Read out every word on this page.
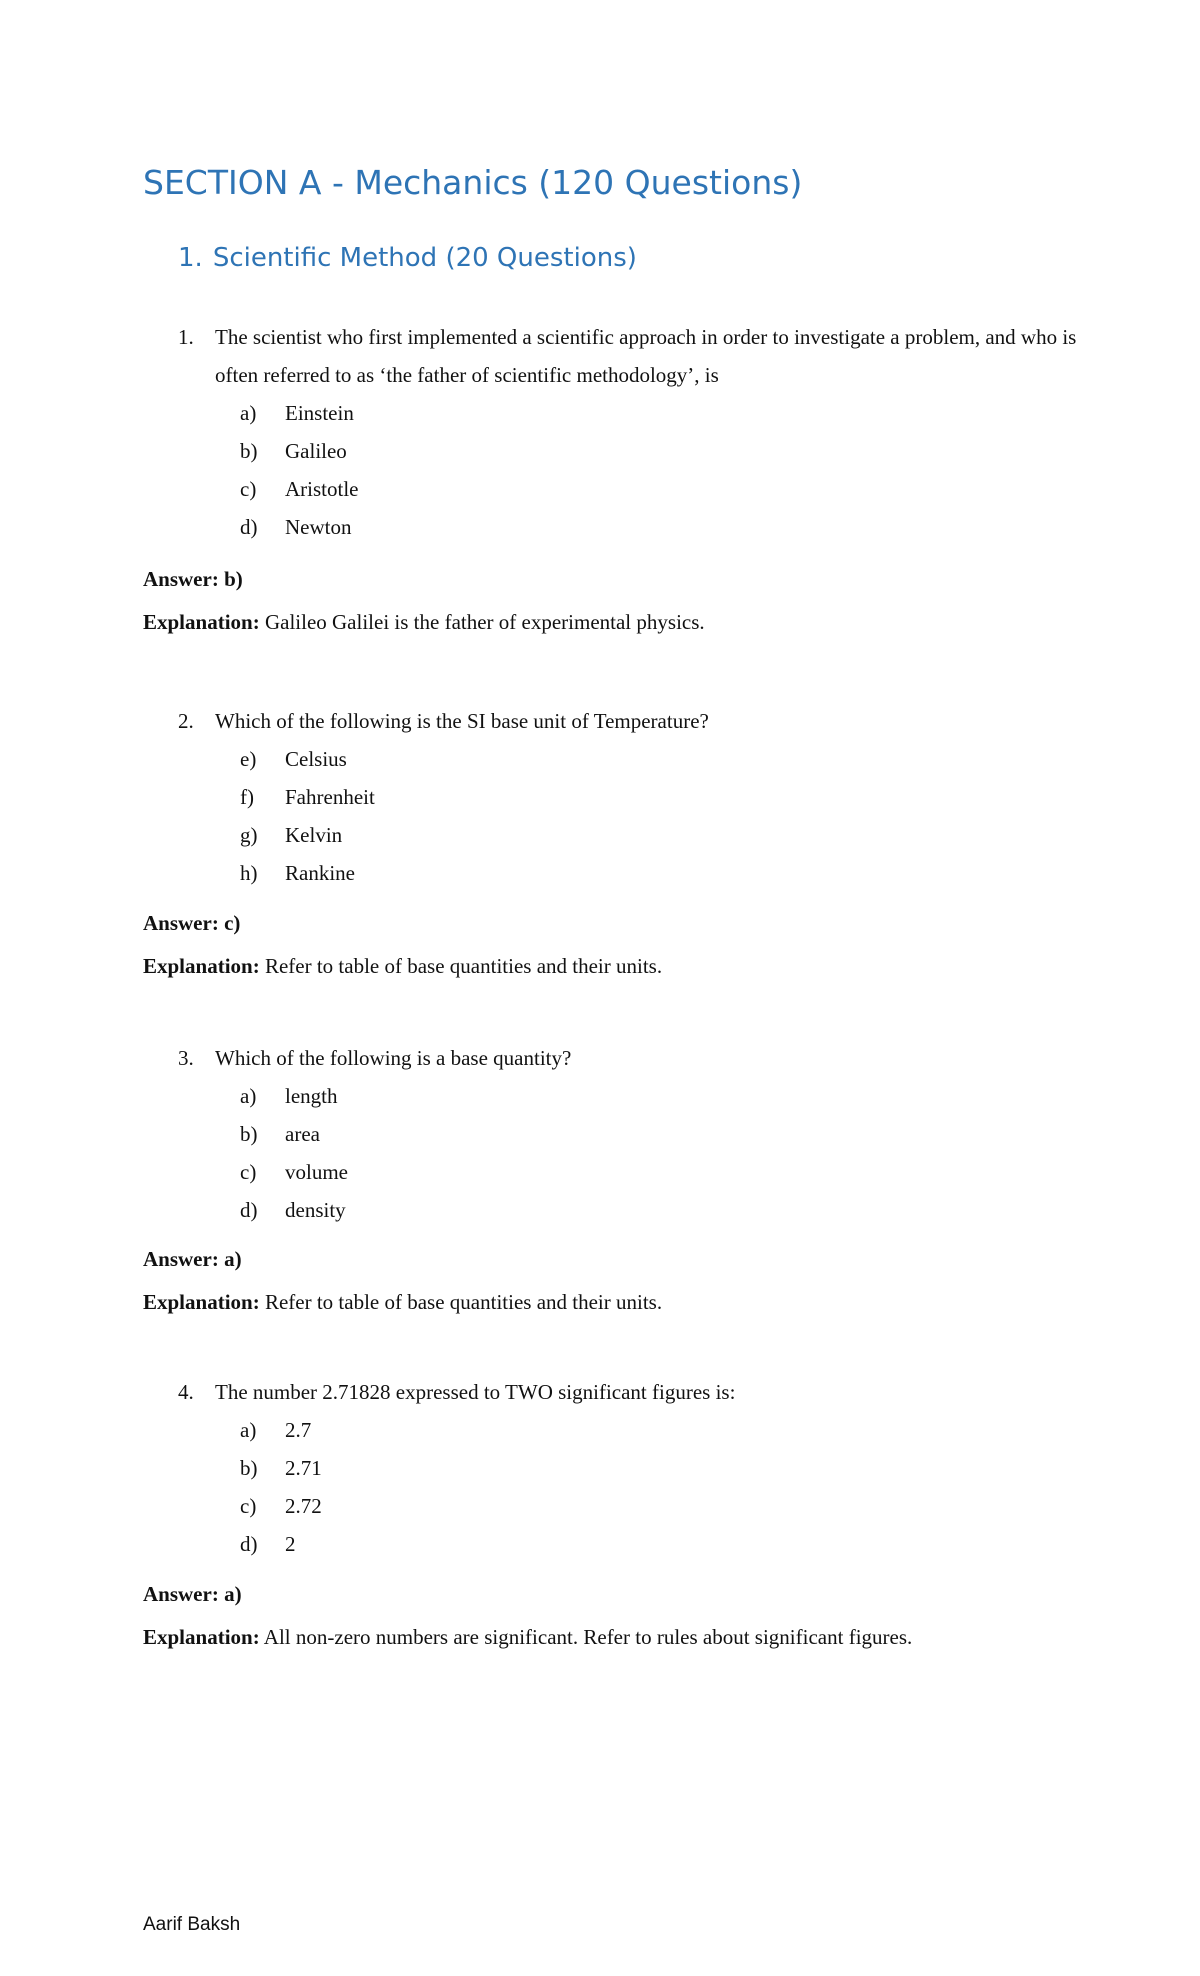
SECTION A - Mechanics (120 Questions)
1. Scientific Method (20 Questions)
1. The scientist who first implemented a scientific approach in order to investigate a problem, and who is often referred to as ‘the father of scientific methodology’, is
a) Einstein
b) Galileo
c) Aristotle
d) Newton
Answer: b)
Explanation: Galileo Galilei is the father of experimental physics.
2. Which of the following is the SI base unit of Temperature?
e) Celsius
f) Fahrenheit
g) Kelvin
h) Rankine
Answer: c)
Explanation: Refer to table of base quantities and their units.
3. Which of the following is a base quantity?
a) length
b) area
c) volume
d) density
Answer: a)
Explanation: Refer to table of base quantities and their units.
4. The number 2.71828 expressed to TWO significant figures is:
a) 2.7
b) 2.71
c) 2.72
d) 2
Answer: a)
Explanation: All non-zero numbers are significant. Refer to rules about significant figures.
Aarif Baksh
